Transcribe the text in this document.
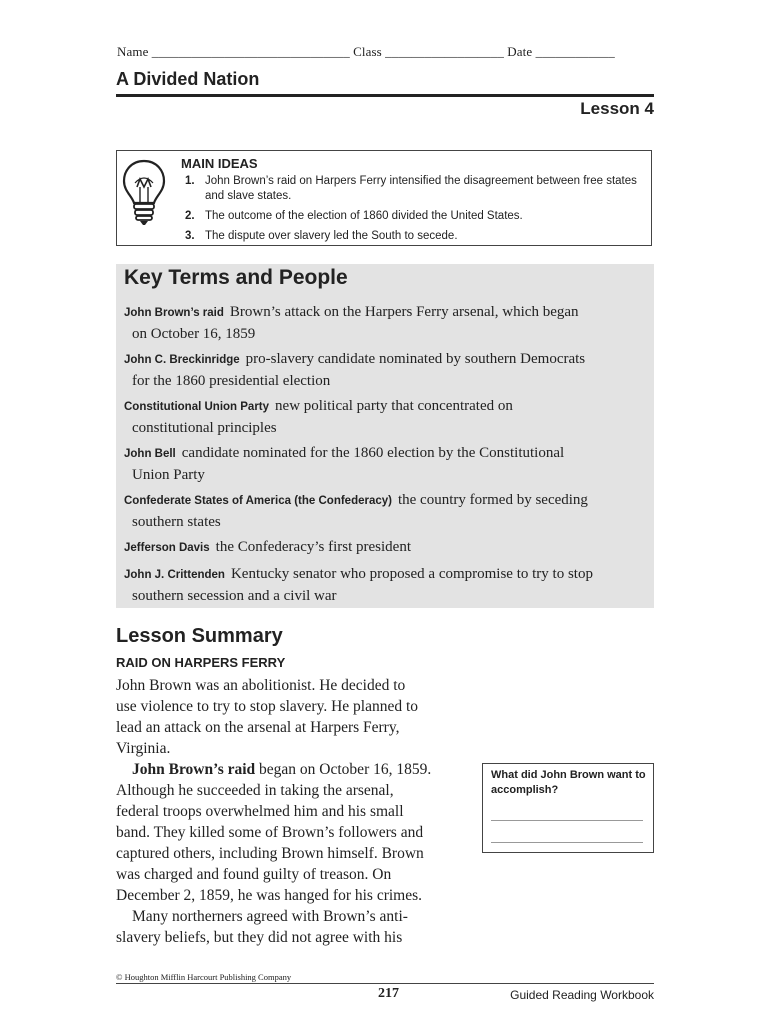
Name ______________________________ Class __________________ Date ____________
A Divided Nation
Lesson 4
MAIN IDEAS
1. John Brown’s raid on Harpers Ferry intensified the disagreement between free states and slave states.
2. The outcome of the election of 1860 divided the United States.
3. The dispute over slavery led the South to secede.
Key Terms and People
John Brown’s raid Brown’s attack on the Harpers Ferry arsenal, which began
on October 16, 1859
John C. Breckinridge pro-slavery candidate nominated by southern Democrats
for the 1860 presidential election
Constitutional Union Party new political party that concentrated on
constitutional principles
John Bell candidate nominated for the 1860 election by the Constitutional
Union Party
Confederate States of America (the Confederacy) the country formed by seceding
southern states
Jefferson Davis the Confederacy’s first president
John J. Crittenden Kentucky senator who proposed a compromise to try to stop
southern secession and a civil war
Lesson Summary
RAID ON HARPERS FERRY
John Brown was an abolitionist. He decided to
use violence to try to stop slavery. He planned to
lead an attack on the arsenal at Harpers Ferry,
Virginia.
John Brown’s raid began on October 16, 1859.
Although he succeeded in taking the arsenal,
federal troops overwhelmed him and his small
band. They killed some of Brown’s followers and
captured others, including Brown himself. Brown
was charged and found guilty of treason. On
December 2, 1859, he was hanged for his crimes.
Many northerners agreed with Brown’s anti-
slavery beliefs, but they did not agree with his
What did John Brown want to accomplish?
© Houghton Mifflin Harcourt Publishing Company
217	Guided Reading Workbook
